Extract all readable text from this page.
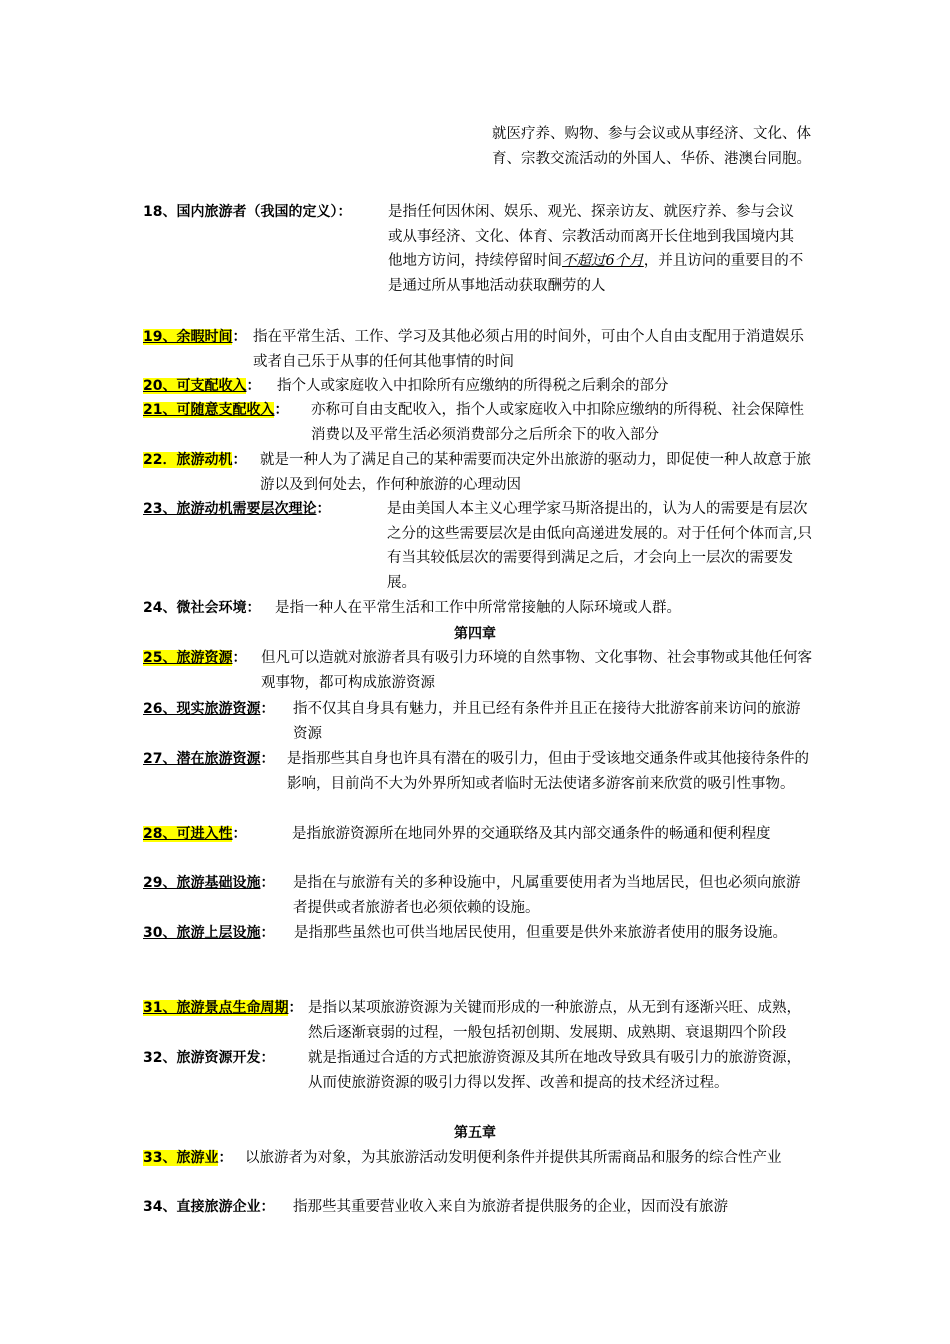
就医疗养、购物、参与会议或从事经济、文化、体育、宗教交流活动的外国人、华侨、港澳台同胞。
18、国内旅游者（我国的定义）：	是指任何因休闲、娱乐、观光、探亲访友、就医疗养、参与会议或从事经济、文化、体育、宗教活动而离开长住地到我国境内其他地方访问，持续停留时间不超过6个月，并且访问的重要目的不是通过所从事地活动获取酬劳的人
19、余暇时间： 指在平常生活、工作、学习及其他必须占用的时间外，可由个人自由支配用于消遣娱乐或者自己乐于从事的任何其他事情的时间
20、可支配收入：	指个人或家庭收入中扣除所有应缴纳的所得税之后剩余的部分
21、可随意支配收入：	亦称可自由支配收入，指个人或家庭收入中扣除应缴纳的所得税、社会保障性消费以及平常生活必须消费部分之后所余下的收入部分
22．旅游动机： 就是一种人为了满足自己的某种需要而决定外出旅游的驱动力，即促使一种人故意于旅游以及到何处去，作何种旅游的心理动因
23、旅游动机需要层次理论：	是由美国人本主义心理学家马斯洛提出的，认为人的需要是有层次之分的这些需要层次是由低向高递进发展的。对于任何个体而言,只有当其较低层次的需要得到满足之后，才会向上一层次的需要发展。
24、微社会环境：	是指一种人在平常生活和工作中所常常接触的人际环境或人群。
第四章
25、旅游资源：	但凡可以造就对旅游者具有吸引力环境的自然事物、文化事物、社会事物或其他任何客观事物，都可构成旅游资源
26、现实旅游资源：	指不仅其自身具有魅力，并且已经有条件并且正在接待大批游客前来访问的旅游资源
27、潜在旅游资源： 是指那些其自身也许具有潜在的吸引力，但由于受该地交通条件或其他接待条件的影响，目前尚不大为外界所知或者临时无法使诸多游客前来欣赏的吸引性事物。
28、可进入性：	是指旅游资源所在地同外界的交通联络及其内部交通条件的畅通和便利程度
29、旅游基础设施：	是指在与旅游有关的多种设施中，凡属重要使用者为当地居民，但也必须向旅游者提供或者旅游者也必须依赖的设施。
30、旅游上层设施：	是指那些虽然也可供当地居民使用，但重要是供外来旅游者使用的服务设施。
31、旅游景点生命周期： 是指以某项旅游资源为关键而形成的一种旅游点，从无到有逐渐兴旺、成熟，然后逐渐衰弱的过程，一般包括初创期、发展期、成熟期、衰退期四个阶段
32、旅游资源开发：	就是指通过合适的方式把旅游资源及其所在地改导致具有吸引力的旅游资源，从而使旅游资源的吸引力得以发挥、改善和提高的技术经济过程。
第五章
33、旅游业： 以旅游者为对象，为其旅游活动发明便利条件并提供其所需商品和服务的综合性产业
34、直接旅游企业：	指那些其重要营业收入来自为旅游者提供服务的企业，因而没有旅游
